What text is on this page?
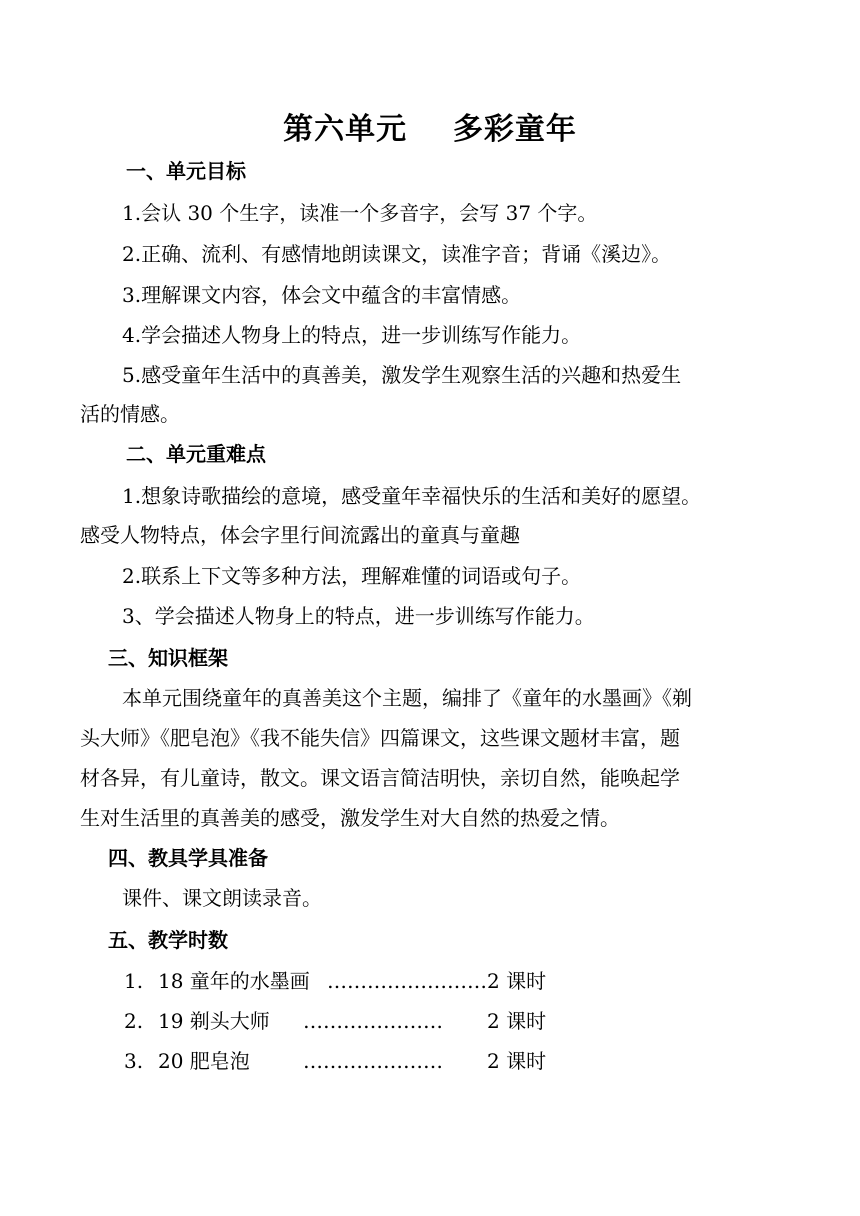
第六单元    多彩童年
一、单元目标
1.会认 30 个生字，读准一个多音字，会写 37 个字。
2.正确、流利、有感情地朗读课文，读准字音；背诵《溪边》。
3.理解课文内容，体会文中蕴含的丰富情感。
4.学会描述人物身上的特点，进一步训练写作能力。
5.感受童年生活中的真善美，激发学生观察生活的兴趣和热爱生
活的情感。
二、单元重难点
1.想象诗歌描绘的意境，感受童年幸福快乐的生活和美好的愿望。
感受人物特点，体会字里行间流露出的童真与童趣
2.联系上下文等多种方法，理解难懂的词语或句子。
3、学会描述人物身上的特点，进一步训练写作能力。
三、知识框架
本单元围绕童年的真善美这个主题，编排了《童年的水墨画》《剃
头大师》《肥皂泡》《我不能失信》四篇课文，这些课文题材丰富，题
材各异，有儿童诗，散文。课文语言简洁明快，亲切自然，能唤起学
生对生活里的真善美的感受，激发学生对大自然的热爱之情。
四、教具学具准备
课件、课文朗读录音。
五、教学时数
1. 18 童年的水墨画 …………………… 2 课时
2. 19 剃头大师 ………………… 2 课时
3. 20 肥皂泡	………………… 2 课时
